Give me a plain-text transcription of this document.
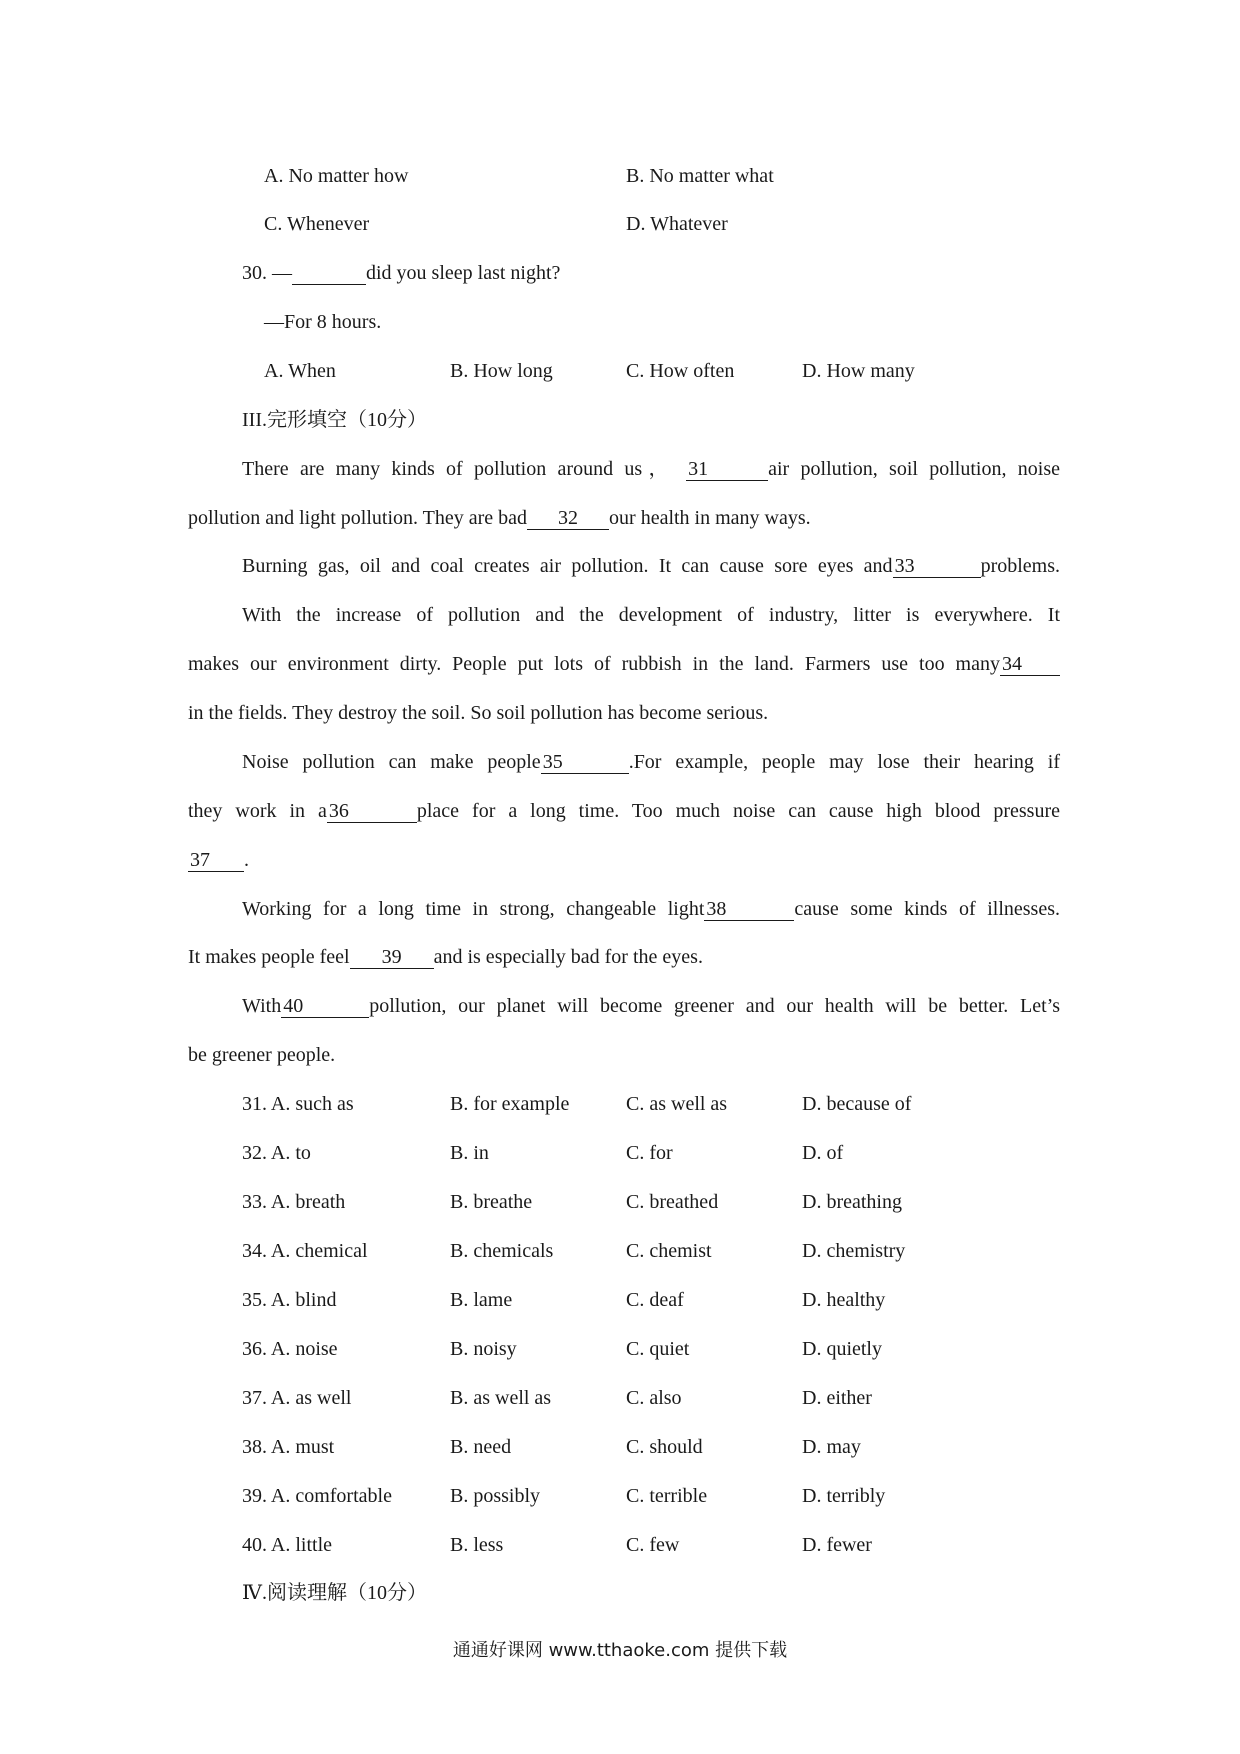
A. No matter how	B. No matter what
C. Whenever	D. Whatever
30. —	did you sleep last night?
—For 8 hours.
A. When	B. How long	C. How often	D. How many
III.完形填空（10分）
There are many kinds of pollution around us， 31	air pollution, soil pollution, noise
pollution and light pollution. They are bad 32 our health in many ways.
Burning gas, oil and coal creates air pollution. It can cause sore eyes and 33	problems.
With the increase of pollution and the development of industry, litter is everywhere. It
makes our environment dirty. People put lots of rubbish in the land. Farmers use too many 34
in the fields. They destroy the soil. So soil pollution has become serious.
Noise pollution can make people 35	.For example, people may lose their hearing if
they work in a 36	place for a long time. Too much noise can cause high blood pressure
37 .
Working for a long time in strong, changeable light 38	cause some kinds of illnesses.
It makes people feel 39 and is especially bad for the eyes.
With 40	pollution, our planet will become greener and our health will be better. Let’s
be greener people.
31. A. such as	B. for example	C. as well as	D. because of
32. A. to	B. in	C. for	D. of
33. A. breath	B. breathe	C. breathed	D. breathing
34. A. chemical	B. chemicals	C. chemist	D. chemistry
35. A. blind	B. lame	C. deaf	D. healthy
36. A. noise	B. noisy	C. quiet	D. quietly
37. A. as well	B. as well as	C. also	D. either
38. A. must	B. need	C. should	D. may
39. A. comfortable	B. possibly	C. terrible	D. terribly
40. A. little	B. less	C. few	D. fewer
Ⅳ.阅读理解（10分）
通通好课网 www.tthaoke.com 提供下载
